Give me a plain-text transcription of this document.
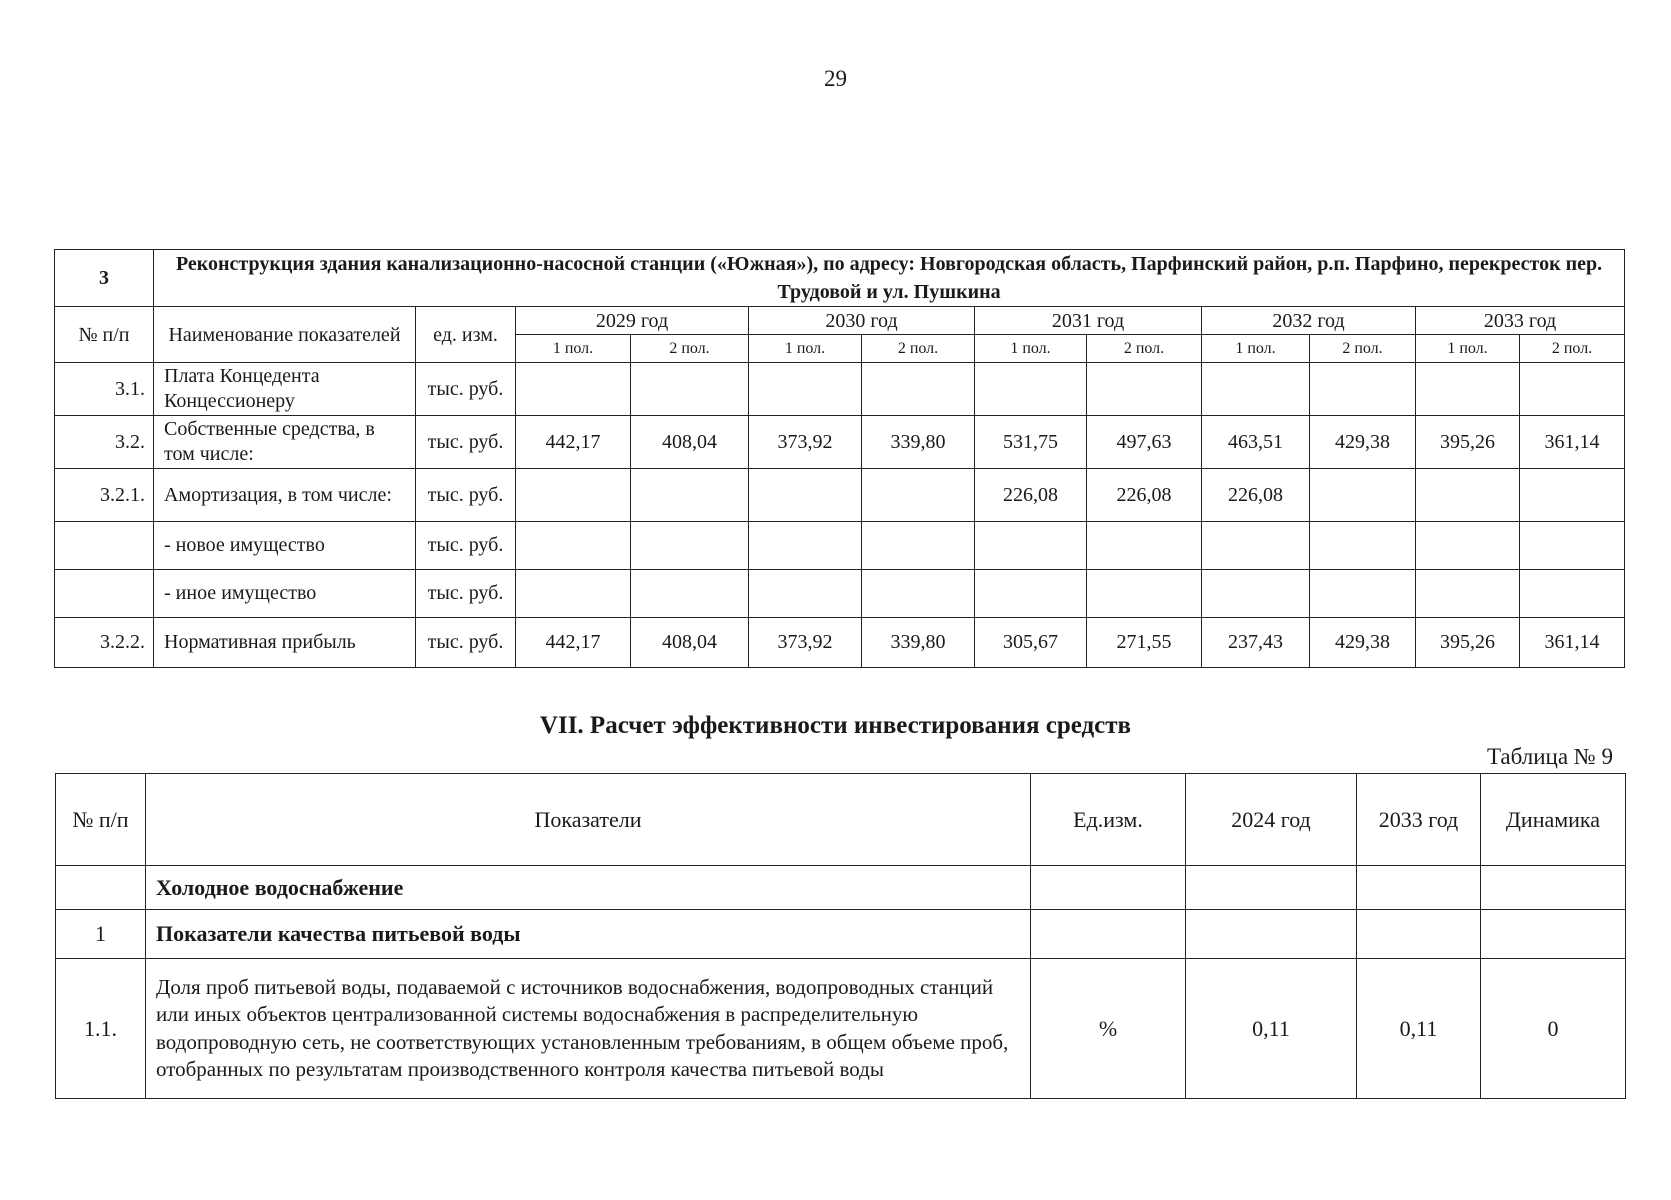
29
3	Реконструкция здания канализационно-насосной станции («Южная»), по адресу: Новгородская область, Парфинский район, р.п. Парфино, перекресток пер. Трудовой и ул. Пушкина											
№ п/п	Наименование показателей	ед. изм.	2029 год		2030 год		2031 год		2032 год		2033 год	
			1 пол.	2 пол.	1 пол.	2 пол.	1 пол.	2 пол.	1 пол.	2 пол.	1 пол.	2 пол.
3.1.	Плата Концедента Концессионеру	тыс. руб.										
3.2.	Собственные средства, в том числе:	тыс. руб.	442,17	408,04	373,92	339,80	531,75	497,63	463,51	429,38	395,26	361,14
3.2.1.	Амортизация, в том числе:	тыс. руб.					226,08	226,08	226,08			
	- новое имущество	тыс. руб.										
	- иное имущество	тыс. руб.										
3.2.2.	Нормативная прибыль	тыс. руб.	442,17	408,04	373,92	339,80	305,67	271,55	237,43	429,38	395,26	361,14
VII. Расчет эффективности инвестирования средств
Таблица № 9
№ п/п	Показатели	Ед.изм.	2024 год	2033 год	Динамика
	Холодное водоснабжение				
1	Показатели качества питьевой воды				
1.1.	Доля проб питьевой воды, подаваемой с источников водоснабжения, водопроводных станций или иных объектов централизованной системы водоснабжения в распределительную водопроводную сеть, не соответствующих установленным требованиям, в общем объеме проб, отобранных по результатам производственного контроля качества питьевой воды	%	0,11	0,11	0
